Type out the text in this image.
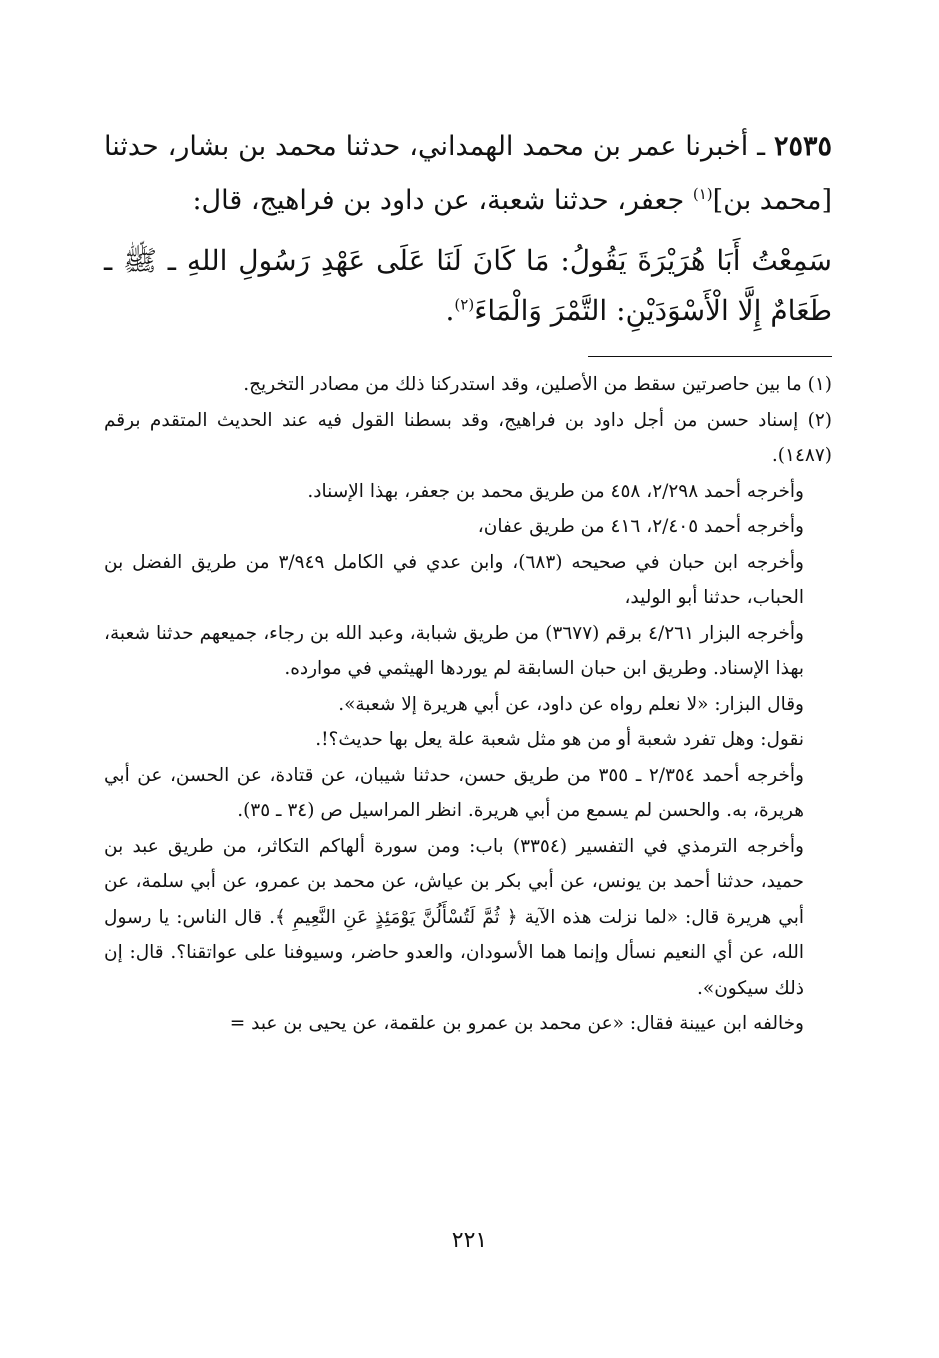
٢٥٣٥ ـ أخبرنا عمر بن محمد الهمداني، حدثنا محمد بن بشار، حدثنا [محمد بن]$^{(١)}$ جعفر، حدثنا شعبة، عن داود بن فراهيج، قال:

سَمِعْتُ أَبَا هُرَيْرَةَ يَقُولُ: مَا كَانَ لَنَا عَلَى عَهْدِ رَسُولِ اللهِ ـ ﷺ ـ طَعَامٌ إِلَّا الْأَسْوَدَيْنِ: التَّمْرَ وَالْمَاءَ$^{(٢)}$.

(١) ما بين حاصرتين سقط من الأصلين، وقد استدركنا ذلك من مصادر التخريج.

(٢) إسناد حسن من أجل داود بن فراهيج، وقد بسطنا القول فيه عند الحديث المتقدم برقم (١٤٨٧).

وأخرجه أحمد ٢/٢٩٨، ٤٥٨ من طريق محمد بن جعفر، بهذا الإسناد.

وأخرجه أحمد ٢/٤٠٥، ٤١٦ من طريق عفان،

وأخرجه ابن حبان في صحيحه (٦٨٣)، وابن عدي في الكامل ٣/٩٤٩ من طريق الفضل بن الحباب، حدثنا أبو الوليد،

وأخرجه البزار ٤/٢٦١ برقم (٣٦٧٧) من طريق شبابة، وعبد الله بن رجاء، جميعهم حدثنا شعبة، بهذا الإسناد. وطريق ابن حبان السابقة لم يوردها الهيثمي في موارده.

وقال البزار: «لا نعلم رواه عن داود، عن أبي هريرة إلا شعبة».

نقول: وهل تفرد شعبة أو من هو مثل شعبة علة يعل بها حديث؟!.

وأخرجه أحمد ٢/٣٥٤ ـ ٣٥٥ من طريق حسن، حدثنا شيبان، عن قتادة، عن الحسن، عن أبي هريرة، به. والحسن لم يسمع من أبي هريرة. انظر المراسيل ص (٣٤ ـ ٣٥).

وأخرجه الترمذي في التفسير (٣٣٥٤) باب: ومن سورة ألهاكم التكاثر، من طريق عبد بن حميد، حدثنا أحمد بن يونس، عن أبي بكر بن عياش، عن محمد بن عمرو، عن أبي سلمة، عن أبي هريرة قال: «لما نزلت هذه الآية ﴿ ثُمَّ لَتُسْأَلُنَّ يَوْمَئِذٍ عَنِ النَّعِيمِ ﴾. قال الناس: يا رسول الله، عن أي النعيم نسأل وإنما هما الأسودان، والعدو حاضر، وسيوفنا على عواتقنا؟. قال: إن ذلك سيكون».

وخالفه ابن عيينة فقال: «عن محمد بن عمرو بن علقمة، عن يحيى بن عبد =

٢٢١
